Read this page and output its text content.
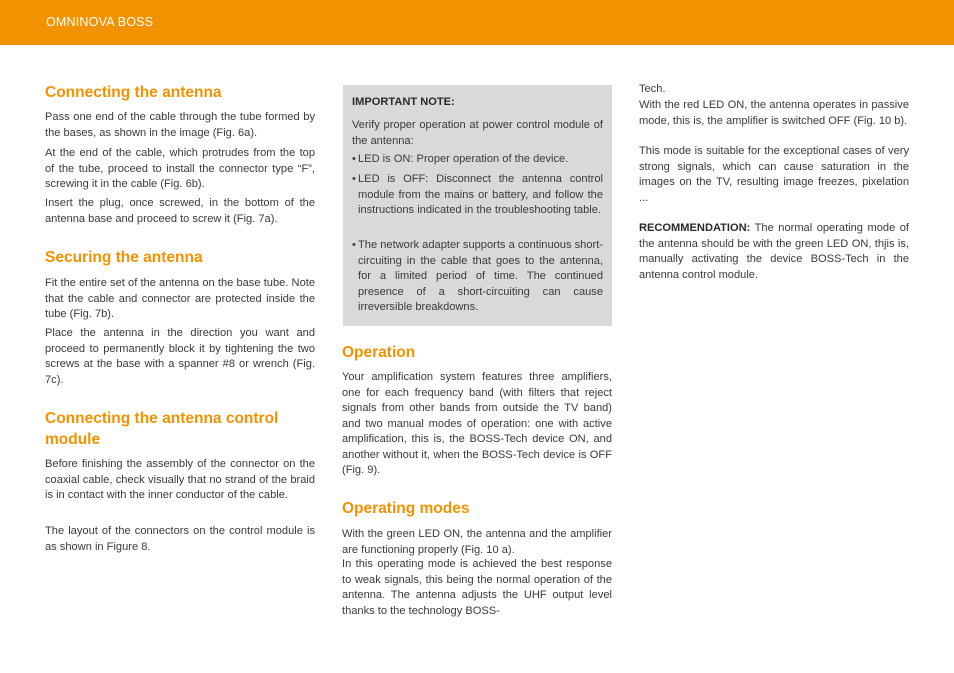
OMNINOVA BOSS
Connecting the antenna

Pass one end of the cable through the tube formed by the bases, as shown in the image (Fig. 6a).

At the end of the cable, which protrudes from the top of the tube, proceed to install the connector type “F”, screwing it in the cable (Fig. 6b).

Insert the plug, once screwed, in the bottom of the antenna base and proceed to screw it (Fig. 7a).

Securing the antenna

Fit the entire set of the antenna on the base tube. Note that the cable and connector are protected inside the tube (Fig. 7b).

Place the antenna in the direction you want and proceed to permanently block it by tightening the two screws at the base with a spanner #8 or wrench (Fig. 7c).

Connecting the antenna control module

Before finishing the assembly of the connector on the coaxial cable, check visually that no strand of the braid is in contact with the inner conductor of the cable.

The layout of the connectors on the control module is as shown in Figure 8.

IMPORTANT NOTE:

Verify proper operation at power control module of the antenna:

• LED is ON: Proper operation of the device.

• LED is OFF: Disconnect the antenna control module from the mains or battery, and follow the instructions indicated in the troubleshooting table.

• The network adapter supports a continuous short-circuiting in the cable that goes to the antenna, for a limited period of time. The continued presence of a short-circuiting can cause irreversible breakdowns.

Operation

Your amplification system features three amplifiers, one for each frequency band (with filters that reject signals from other bands from outside the TV band) and two manual modes of operation: one with active amplification, this is, the BOSS-Tech device ON, and another without it, when the BOSS-Tech device is OFF (Fig. 9).

Operating modes

With the green LED ON, the antenna and the amplifier are functioning properly (Fig. 10 a).

In this operating mode is achieved the best response to weak signals, this being the normal operation of the antenna. The antenna adjusts the UHF output level thanks to the technology BOSS-

Tech.

With the red LED ON, the antenna operates in passive mode, this is, the amplifier is switched OFF (Fig. 10 b).

This mode is suitable for the exceptional cases of very strong signals, which can cause saturation in the images on the TV, resulting image freezes, pixelation ...

RECOMMENDATION: The normal operating mode of the antenna should be with the green LED ON, thjis is, manually activating the device BOSS-Tech in the antenna control module.
